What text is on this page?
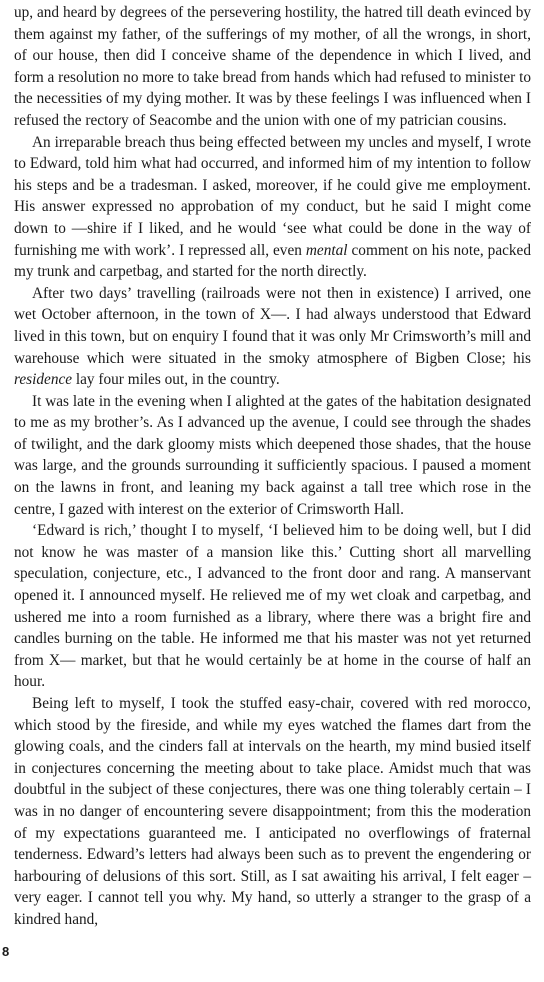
up, and heard by degrees of the persevering hostility, the hatred till death evinced by them against my father, of the sufferings of my mother, of all the wrongs, in short, of our house, then did I conceive shame of the dependence in which I lived, and form a resolution no more to take bread from hands which had refused to minister to the necessities of my dying mother. It was by these feelings I was influenced when I refused the rectory of Seacombe and the union with one of my patrician cousins.

An irreparable breach thus being effected between my uncles and myself, I wrote to Edward, told him what had occurred, and informed him of my intention to follow his steps and be a tradesman. I asked, moreover, if he could give me employment. His answer expressed no approbation of my conduct, but he said I might come down to —shire if I liked, and he would ‘see what could be done in the way of furnishing me with work’. I repressed all, even mental comment on his note, packed my trunk and carpetbag, and started for the north directly.

After two days’ travelling (railroads were not then in existence) I arrived, one wet October afternoon, in the town of X—. I had always understood that Edward lived in this town, but on enquiry I found that it was only Mr Crimsworth’s mill and warehouse which were situated in the smoky atmosphere of Bigben Close; his residence lay four miles out, in the country.

It was late in the evening when I alighted at the gates of the habitation designated to me as my brother’s. As I advanced up the avenue, I could see through the shades of twilight, and the dark gloomy mists which deepened those shades, that the house was large, and the grounds surrounding it sufficiently spacious. I paused a moment on the lawns in front, and leaning my back against a tall tree which rose in the centre, I gazed with interest on the exterior of Crimsworth Hall.

‘Edward is rich,’ thought I to myself, ‘I believed him to be doing well, but I did not know he was master of a mansion like this.’ Cutting short all marvelling speculation, conjecture, etc., I advanced to the front door and rang. A manservant opened it. I announced myself. He relieved me of my wet cloak and carpetbag, and ushered me into a room furnished as a library, where there was a bright fire and candles burning on the table. He informed me that his master was not yet returned from X— market, but that he would certainly be at home in the course of half an hour.

Being left to myself, I took the stuffed easy-chair, covered with red morocco, which stood by the fireside, and while my eyes watched the flames dart from the glowing coals, and the cinders fall at intervals on the hearth, my mind busied itself in conjectures concerning the meeting about to take place. Amidst much that was doubtful in the subject of these conjectures, there was one thing tolerably certain – I was in no danger of encountering severe disappointment; from this the moderation of my expectations guaranteed me. I anticipated no overflowings of fraternal tenderness. Edward’s letters had always been such as to prevent the engendering or harbouring of delusions of this sort. Still, as I sat awaiting his arrival, I felt eager – very eager. I cannot tell you why. My hand, so utterly a stranger to the grasp of a kindred hand,

8
